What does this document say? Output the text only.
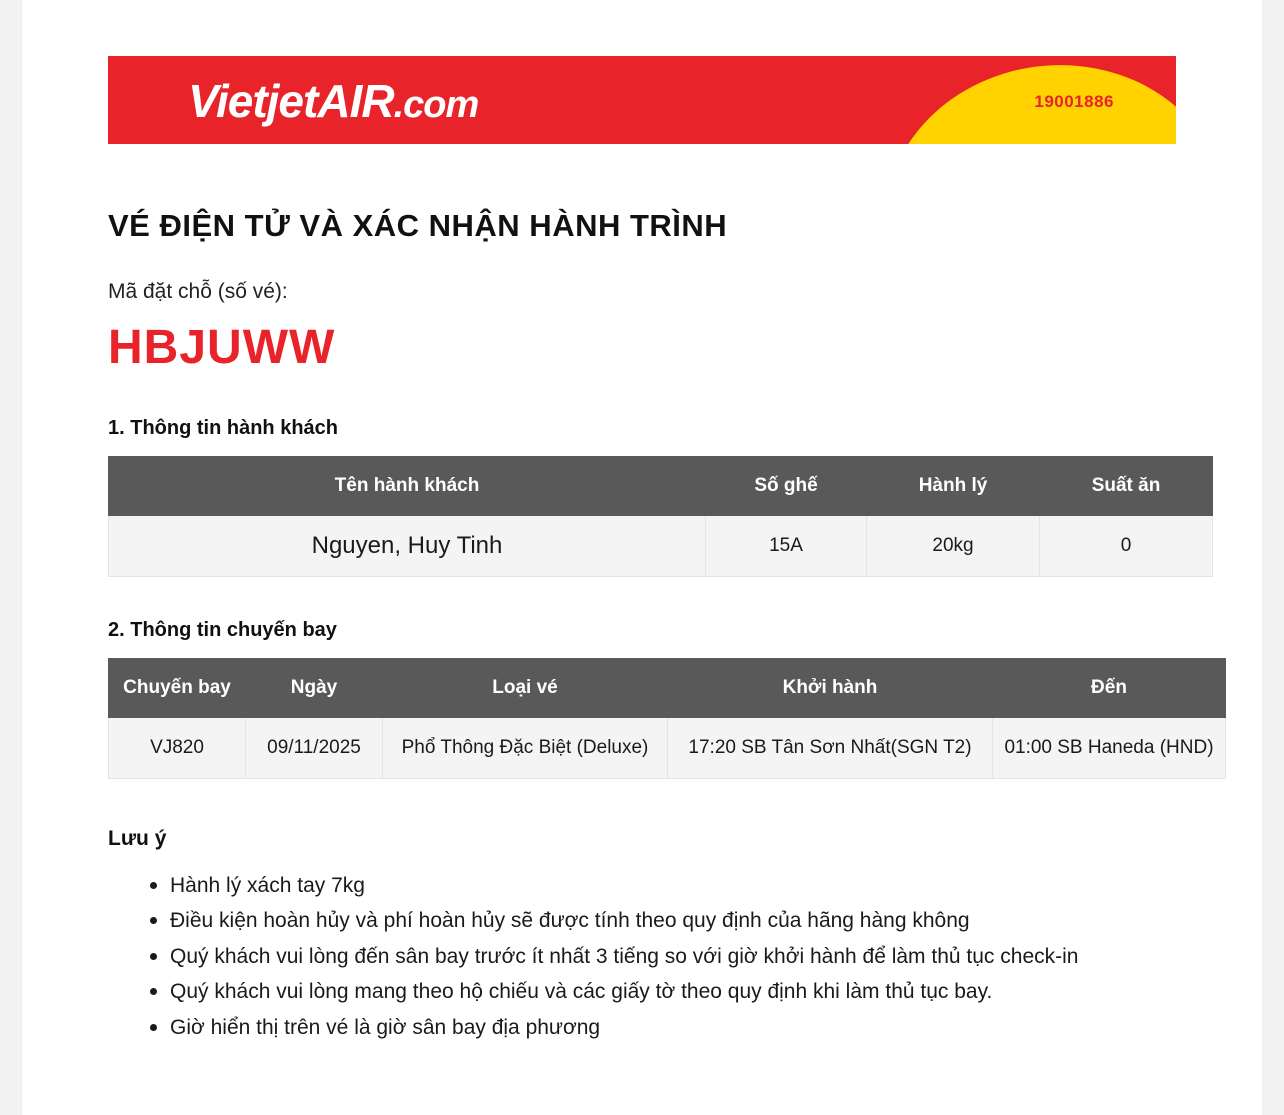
VietjetAIR.com	19001886
VÉ ĐIỆN TỬ VÀ XÁC NHẬN HÀNH TRÌNH
Mã đặt chỗ (số vé):
HBJUWW
1. Thông tin hành khách
Tên hành khách	Số ghế	Hành lý	Suất ăn
Nguyen, Huy Tinh	15A	20kg	0
2. Thông tin chuyến bay
Chuyến bay	Ngày	Loại vé	Khởi hành	Đến
VJ820	09/11/2025	Phổ Thông Đặc Biệt (Deluxe)	17:20 SB Tân Sơn Nhất(SGN T2)	01:00 SB Haneda (HND)
Lưu ý
Hành lý xách tay 7kg
Điều kiện hoàn hủy và phí hoàn hủy sẽ được tính theo quy định của hãng hàng không
Quý khách vui lòng đến sân bay trước ít nhất 3 tiếng so với giờ khởi hành để làm thủ tục check-in
Quý khách vui lòng mang theo hộ chiếu và các giấy tờ theo quy định khi làm thủ tục bay.
Giờ hiển thị trên vé là giờ sân bay địa phương
